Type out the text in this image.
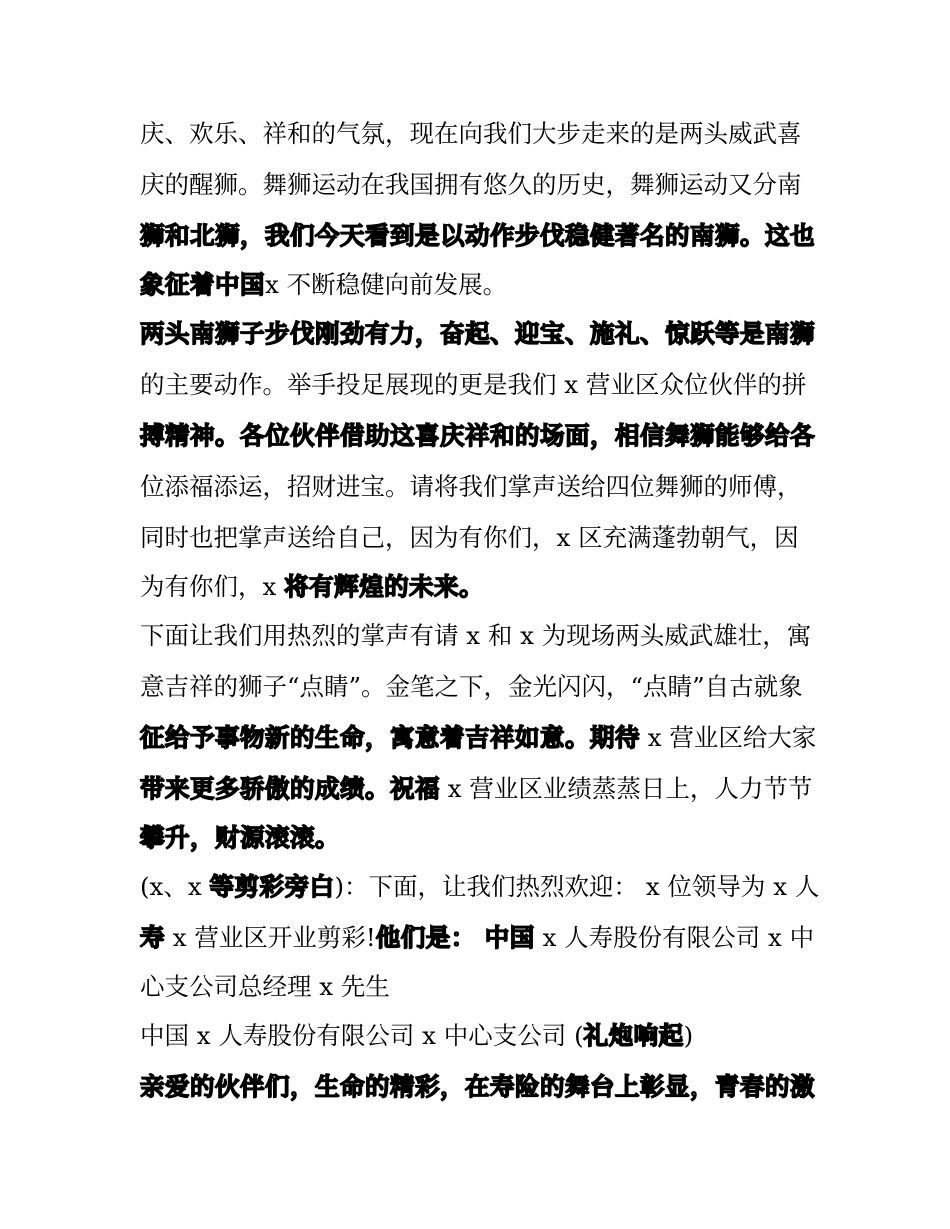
庆、欢乐、祥和的气氛，现在向我们大步走来的是两头威武喜
庆的醒狮。舞狮运动在我国拥有悠久的历史，舞狮运动又分南
狮和北狮，我们今天看到是以动作步伐稳健著名的南狮。这也
象征着中国x 不断稳健向前发展。
两头南狮子步伐刚劲有力，奋起、迎宝、施礼、惊跃等是南狮
的主要动作。举手投足展现的更是我们 x 营业区众位伙伴的拼
搏精神。各位伙伴借助这喜庆祥和的场面，相信舞狮能够给各
位添福添运，招财进宝。请将我们掌声送给四位舞狮的师傅，
同时也把掌声送给自己，因为有你们，x 区充满蓬勃朝气，因
为有你们，x 将有辉煌的未来。
下面让我们用热烈的掌声有请 x 和 x 为现场两头威武雄壮，寓
意吉祥的狮子“点睛”。金笔之下，金光闪闪，“点睛”自古就象
征给予事物新的生命，寓意着吉祥如意。期待 x 营业区给大家
带来更多骄傲的成绩。祝福 x 营业区业绩蒸蒸日上，人力节节
攀升，财源滚滚。
(x、x 等剪彩旁白)：下面，让我们热烈欢迎： x 位领导为 x 人
寿 x 营业区开业剪彩!他们是： 中国 x 人寿股份有限公司 x 中
心支公司总经理 x 先生
中国 x 人寿股份有限公司 x 中心支公司 (礼炮响起)
亲爱的伙伴们，生命的精彩，在寿险的舞台上彰显，青春的激
